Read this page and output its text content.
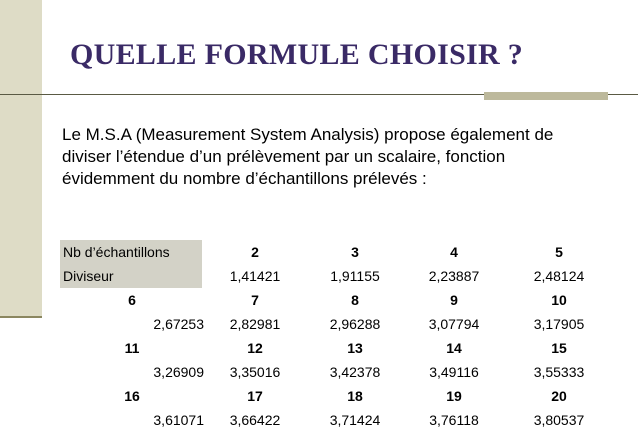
QUELLE FORMULE CHOISIR ?

Le M.S.A (Measurement System Analysis) propose également de diviser l’étendue d’un prélèvement par un scalaire, fonction évidemment du nombre d’échantillons prélevés :

Nb d’échantillons	2	3	4	5
Diviseur	1,41421	1,91155	2,23887	2,48124
6	7	8	9	10
2,67253	2,82981	2,96288	3,07794	3,17905
11	12	13	14	15
3,26909	3,35016	3,42378	3,49116	3,55333
16	17	18	19	20
3,61071	3,66422	3,71424	3,76118	3,80537
